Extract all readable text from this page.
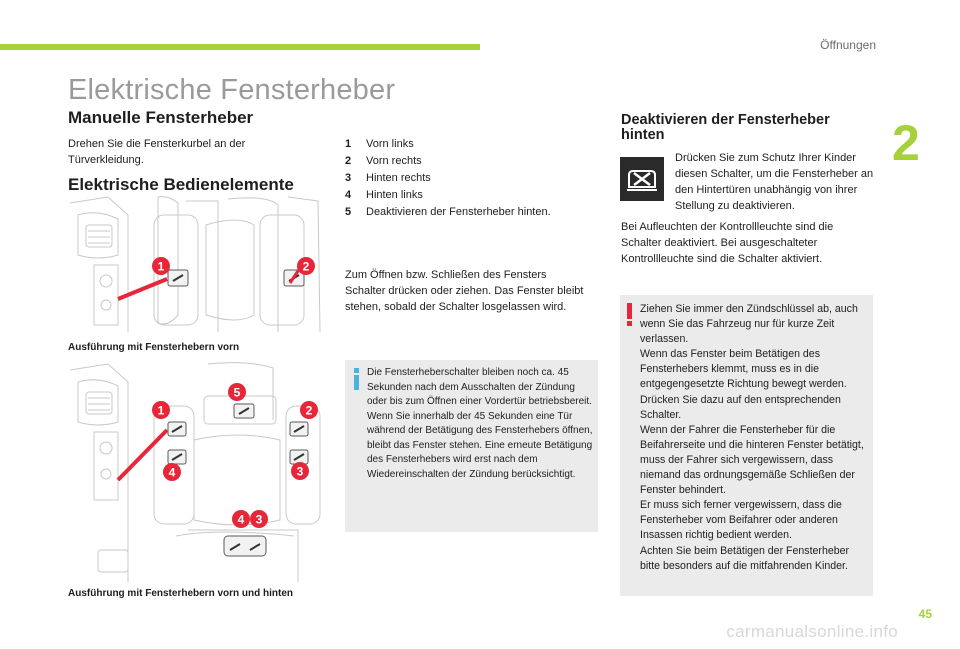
Öffnungen
2
Elektrische Fensterheber
Manuelle Fensterheber

Drehen Sie die Fensterkurbel an der Türverkleidung.

Elektrische Bedienelemente
1	2
Ausführung mit Fensterhebern vorn
1
5
2
4	3
4 3
Ausführung mit Fensterhebern vorn und hinten
1	Vorn links
2	Vorn rechts
3	Hinten rechts
4	Hinten links
5	Deaktivieren der Fensterheber hinten.

Zum Öffnen bzw. Schließen des Fensters Schalter drücken oder ziehen. Das Fenster bleibt stehen, sobald der Schalter losgelassen wird.

Die Fensterheberschalter bleiben noch ca. 45 Sekunden nach dem Ausschalten der Zündung oder bis zum Öffnen einer Vordertür betriebsbereit. Wenn Sie innerhalb der 45 Sekunden eine Tür während der Betätigung des Fensterhebers öffnen, bleibt das Fenster stehen. Eine erneute Betätigung des Fensterhebers wird erst nach dem Wiedereinschalten der Zündung berücksichtigt.

Deaktivieren der Fensterheber hinten

Drücken Sie zum Schutz Ihrer Kinder diesen Schalter, um die Fensterheber an den Hintertüren unabhängig von ihrer Stellung zu deaktivieren.

Bei Aufleuchten der Kontrollleuchte sind die Schalter deaktiviert. Bei ausgeschalteter Kontrollleuchte sind die Schalter aktiviert.

Ziehen Sie immer den Zündschlüssel ab, auch wenn Sie das Fahrzeug nur für kurze Zeit verlassen.
Wenn das Fenster beim Betätigen des Fensterhebers klemmt, muss es in die entgegengesetzte Richtung bewegt werden. Drücken Sie dazu auf den entsprechenden Schalter.
Wenn der Fahrer die Fensterheber für die Beifahrerseite und die hinteren Fenster betätigt, muss der Fahrer sich vergewissern, dass niemand das ordnungsgemäße Schließen der Fenster behindert.
Er muss sich ferner vergewissern, dass die Fensterheber vom Beifahrer oder anderen Insassen richtig bedient werden.
Achten Sie beim Betätigen der Fensterheber bitte besonders auf die mitfahrenden Kinder.
45
carmanualsonline.info
